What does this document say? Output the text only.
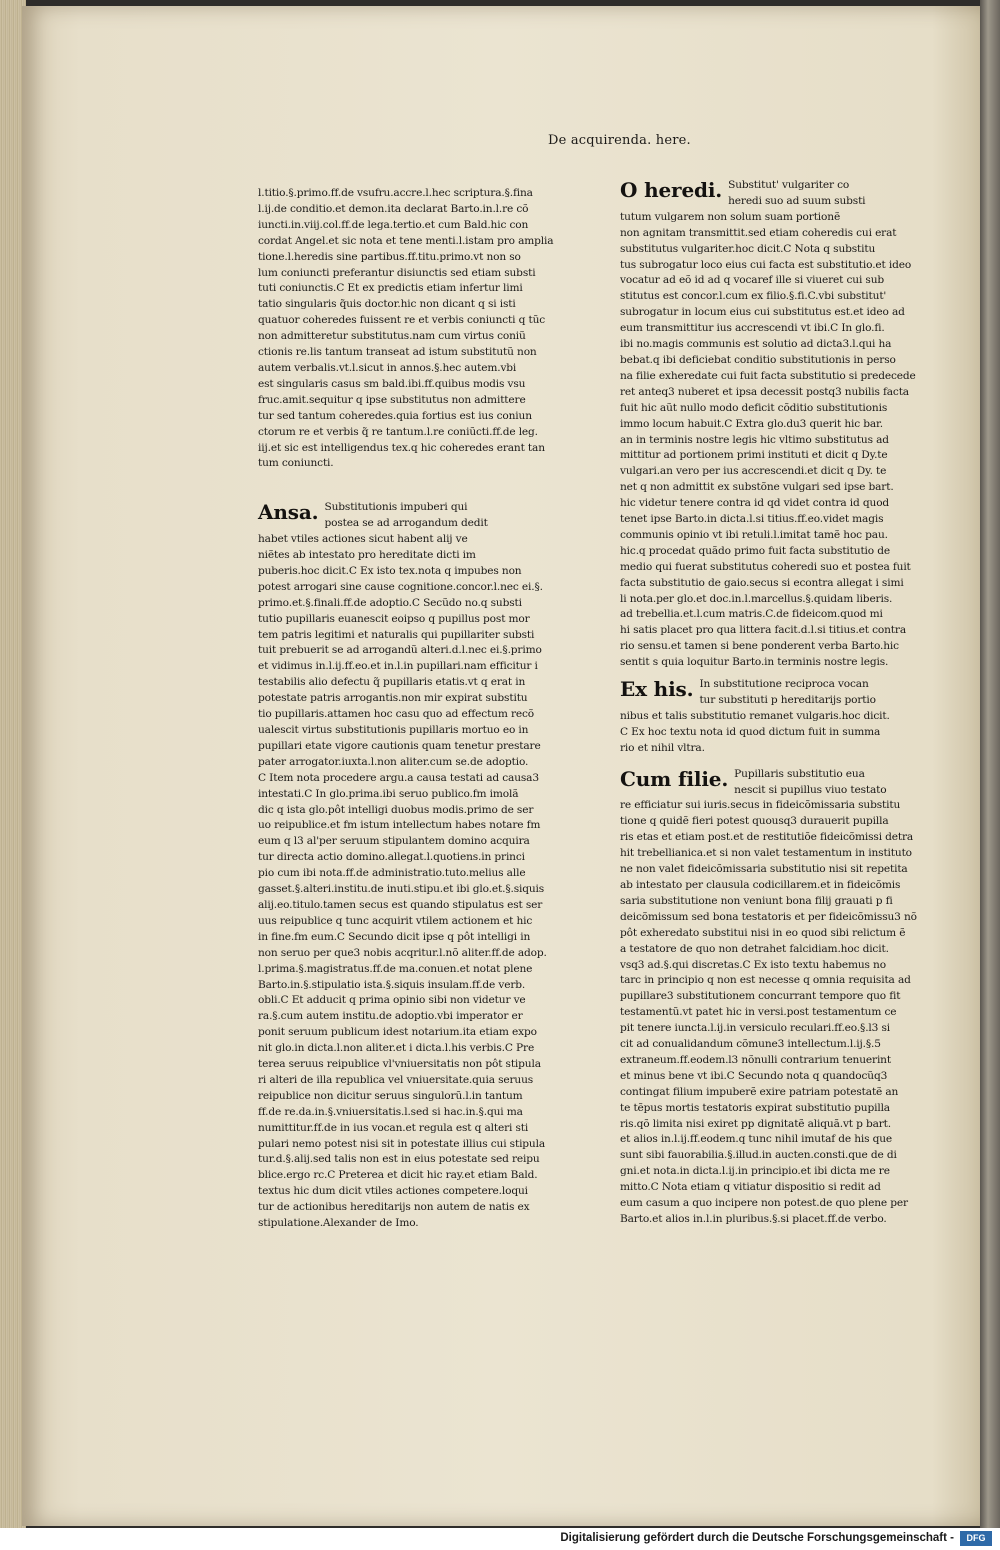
De acquirenda. here.

l.titio.§.primo.ff.de vsufru.accre.l.hec scriptura.§.fina

l.ij.de conditio.et demon.ita declarat Barto.in.l.re cõ

iuncti.in.viij.col.ff.de lega.tertio.et cum Bald.hic con

cordat Angel.et sic nota et tene menti.l.istam pro amplia

tione.l.heredis sine partibus.ff.titu.primo.vt non so

lum coniuncti preferantur disiunctis sed etiam substi

tuti coniunctis.C Et ex predictis etiam infertur limi

tatio singularis q̃uis doctor.hic non dicant q si isti

quatuor coheredes fuissent re et verbis coniuncti q tũc

non admitteretur substitutus.nam cum virtus coniũ

ctionis re.lis tantum transeat ad istum substitutũ non

autem verbalis.vt.l.sicut in annos.§.hec autem.vbi

est singularis casus sm bald.ibi.ff.quibus modis vsu

fruc.amit.sequitur q ipse substitutus non admittere

tur sed tantum coheredes.quia fortius est ius coniun

ctorum re et verbis q̃ re tantum.l.re coniũcti.ff.de leg.

iij.et sic est intelligendus tex.q hic coheredes erant tan

tum coniuncti.

Ansa. Substitutionis impuberi qui

postea se ad arrogandum dedit

habet vtiles actiones sicut habent alij ve

niẽtes ab intestato pro hereditate dicti im

puberis.hoc dicit.C Ex isto tex.nota q impubes non

potest arrogari sine cause cognitione.concor.l.nec ei.§.

primo.et.§.finali.ff.de adoptio.C Secũdo no.q substi

tutio pupillaris euanescit eoipso q pupillus post mor

tem patris legitimi et naturalis qui pupillariter substi

tuit prebuerit se ad arrogandũ alteri.d.l.nec ei.§.primo

et vidimus in.l.ij.ff.eo.et in.l.in pupillari.nam efficitur i

testabilis alio defectu q̃ pupillaris etatis.vt q erat in

potestate patris arrogantis.non mir expirat substitu

tio pupillaris.attamen hoc casu quo ad effectum recõ

ualescit virtus substitutionis pupillaris mortuo eo in

pupillari etate vigore cautionis quam tenetur prestare

pater arrogator.iuxta.l.non aliter.cum se.de adoptio.

C Item nota procedere argu.a causa testati ad causa3

intestati.C In glo.prima.ibi seruo publico.fm imolã

dic q ista glo.pôt intelligi duobus modis.primo de ser

uo reipublice.et fm istum intellectum habes notare fm

eum q l3 al'per seruum stipulantem domino acquira

tur directa actio domino.allegat.l.quotiens.in princi

pio cum ibi nota.ff.de administratio.tuto.melius alle

gasset.§.alteri.institu.de inuti.stipu.et ibi glo.et.§.siquis

alij.eo.titulo.tamen secus est quando stipulatus est ser

uus reipublice q tunc acquirit vtilem actionem et hic

in fine.fm eum.C Secundo dicit ipse q pôt intelligi in

non seruo per que3 nobis acqritur.l.nõ aliter.ff.de adop.

l.prima.§.magistratus.ff.de ma.conuen.et notat plene

Barto.in.§.stipulatio ista.§.siquis insulam.ff.de verb.

obli.C Et adducit q prima opinio sibi non videtur ve

ra.§.cum autem institu.de adoptio.vbi imperator er

ponit seruum publicum idest notarium.ita etiam expo

nit glo.in dicta.l.non aliter.et i dicta.l.his verbis.C Pre

terea seruus reipublice vl'vniuersitatis non pôt stipula

ri alteri de illa republica vel vniuersitate.quia seruus

reipublice non dicitur seruus singulorũ.l.in tantum

ff.de re.da.in.§.vniuersitatis.l.sed si hac.in.§.qui ma

numittitur.ff.de in ius vocan.et regula est q alteri sti

pulari nemo potest nisi sit in potestate illius cui stipula

tur.d.§.alij.sed talis non est in eius potestate sed reipu

blice.ergo rc.C Preterea et dicit hic ray.et etiam Bald.

textus hic dum dicit vtiles actiones competere.loqui

tur de actionibus hereditarijs non autem de natis ex

stipulatione.Alexander de Imo.

O heredi. Substitut' vulgariter co

heredi suo ad suum substi

tutum vulgarem non solum suam portionẽ

non agnitam transmittit.sed etiam coheredis cui erat

substitutus vulgariter.hoc dicit.C Nota q substitu

tus subrogatur loco eius cui facta est substitutio.et ideo

vocatur ad eõ id ad q vocaref ille si viueret cui sub

stitutus est concor.l.cum ex filio.§.fi.C.vbi substitut'

subrogatur in locum eius cui substitutus est.et ideo ad

eum transmittitur ius accrescendi vt ibi.C In glo.fi.

ibi no.magis communis est solutio ad dicta3.l.qui ha

bebat.q ibi deficiebat conditio substitutionis in perso

na filie exheredate cui fuit facta substitutio si predecede

ret anteq3 nuberet et ipsa decessit postq3 nubilis facta

fuit hic aũt nullo modo deficit cõditio substitutionis

immo locum habuit.C Extra glo.du3 querit hic bar.

an in terminis nostre legis hic vltimo substitutus ad

mittitur ad portionem primi instituti et dicit q Dy.te

vulgari.an vero per ius accrescendi.et dicit q Dy. te

net q non admittit ex substõne vulgari sed ipse bart.

hic videtur tenere contra id qd videt contra id quod

tenet ipse Barto.in dicta.l.si titius.ff.eo.videt magis

communis opinio vt ibi retuli.l.imitat tamẽ hoc pau.

hic.q procedat quãdo primo fuit facta substitutio de

medio qui fuerat substitutus coheredi suo et postea fuit

facta substitutio de gaio.secus si econtra allegat i simi

li nota.per glo.et doc.in.l.marcellus.§.quidam liberis.

ad trebellia.et.l.cum matris.C.de fideicom.quod mi

hi satis placet pro qua littera facit.d.l.si titius.et contra

rio sensu.et tamen si bene ponderent verba Barto.hic

sentit s quia loquitur Barto.in terminis nostre legis.

Ex his. In substitutione reciproca vocan

tur substituti p hereditarijs portio

nibus et talis substitutio remanet vulgaris.hoc dicit.

C Ex hoc textu nota id quod dictum fuit in summa

rio et nihil vltra.

Cum filie. Pupillaris substitutio eua

nescit si pupillus viuo testato

re efficiatur sui iuris.secus in fideicõmissaria substitu

tione q quidẽ fieri potest quousq3 durauerit pupilla

ris etas et etiam post.et de restitutiõe fideicõmissi detra

hit trebellianica.et si non valet testamentum in instituto

ne non valet fideicõmissaria substitutio nisi sit repetita

ab intestato per clausula codicillarem.et in fideicõmis

saria substitutione non veniunt bona filij grauati p fi

deicõmissum sed bona testatoris et per fideicõmissu3 nõ

pôt exheredato substitui nisi in eo quod sibi relictum ẽ

a testatore de quo non detrahet falcidiam.hoc dicit.

vsq3 ad.§.qui discretas.C Ex isto textu habemus no

tarc in principio q non est necesse q omnia requisita ad

pupillare3 substitutionem concurrant tempore quo fit

testamentũ.vt patet hic in versi.post testamentum ce

pit tenere iuncta.l.ij.in versiculo reculari.ff.eo.§.l3 si

cit ad conualidandum cõmune3 intellectum.l.ij.§.5

extraneum.ff.eodem.l3 nõnulli contrarium tenuerint

et minus bene vt ibi.C Secundo nota q quandocũq3

contingat filium impuberẽ exire patriam potestatẽ an

te tẽpus mortis testatoris expirat substitutio pupilla

ris.qõ limita nisi exiret pp dignitatẽ aliquã.vt p bart.

et alios in.l.ij.ff.eodem.q tunc nihil imutaf de his que

sunt sibi fauorabilia.§.illud.in aucten.consti.que de di

gni.et nota.in dicta.l.ij.in principio.et ibi dicta me re

mitto.C Nota etiam q vitiatur dispositio si redit ad

eum casum a quo incipere non potest.de quo plene per

Barto.et alios in.l.in pluribus.§.si placet.ff.de verbo.

Digitalisierung gefördert durch die Deutsche Forschungsgemeinschaft -	DFG
